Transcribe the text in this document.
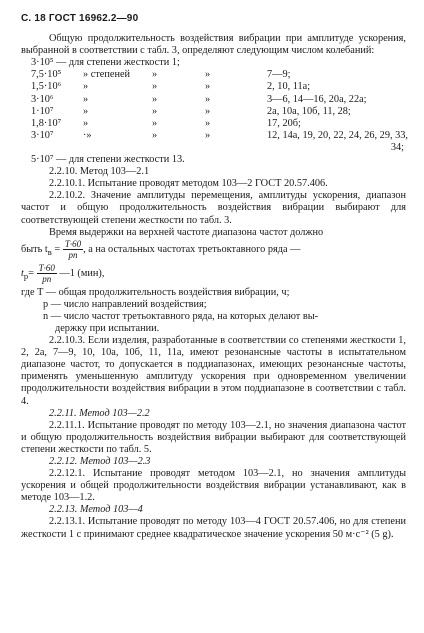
С. 18 ГОСТ 16962.2—90
Общую продолжительность воздействия вибрации при амплитуде ускорения, выбранной в соответствии с табл. 3, определяют следующим числом колебаний:
3·10⁵ — для степени жесткости 1;
7,5·10⁵ » степеней »	»	7—9;
1,5·10⁶ »	»	»	2, 10, 11а;
3·10⁶	»	»	»	3—6, 14—16, 20а, 22а;
1·10⁷	»	»	»	2а, 10а, 10б, 11, 28;
1,8·10⁷ »	»	»	17, 20б;
3·10⁷	·»	»	»	12, 14а, 19, 20, 22, 24, 26, 29, 33,
34;
5·10⁷ — для степени жесткости 13.
2.2.10. Метод 103—2.1
2.2.10.1. Испытание проводят методом 103—2 ГОСТ 20.57.406.
2.2.10.2. Значение амплитуды перемещения, амплитуды ускорения, диапазон частот и общую продолжительность воздействия вибрации выбирают для соответствующей степени жесткости по табл. 3.
Время выдержки на верхней частоте диапазона частот должно
быть $t_в = \frac{T\cdot 60}{pn}$ , а на остальных частотах третьоктавного ряда —
$t_р= \frac{T\cdot 60}{pn}$ —1 (мин),
где T — общая продолжительность воздействия вибрации, ч;
p — число направлений воздействия;
n — число частот третьоктавного ряда, на которых делают вы-
держку при испытании.
2.2.10.3. Если изделия, разработанные в соответствии со степенями жесткости 1, 2, 2а, 7—9, 10, 10а, 10б, 11, 11а, имеют резонансные частоты в испытательном диапазоне частот, то допускается в поддиапазонах, имеющих резонансные частоты, применять уменьшенную амплитуду ускорения при одновременном увеличении продолжительности воздействия вибрации в этом поддиапазоне в соответствии с табл. 4.
2.2.11. Метод 103—2.2
2.2.11.1. Испытание проводят по методу 103—2.1, но значения диапазона частот и общую продолжительность воздействия вибрации выбирают для соответствующей степени жесткости по табл. 5.
2.2.12. Метод 103—2.3
2.2.12.1. Испытание проводят методом 103—2.1, но значения амплитуды ускорения и общей продолжительности воздействия вибрации устанавливают, как в методе 103—1.2.
2.2.13. Метод 103—4
2.2.13.1. Испытание проводят по методу 103—4 ГОСТ 20.57.406, но для степени жесткости 1 с принимают среднее квадратическое значение ускорения 50 м·с⁻² (5 g).
